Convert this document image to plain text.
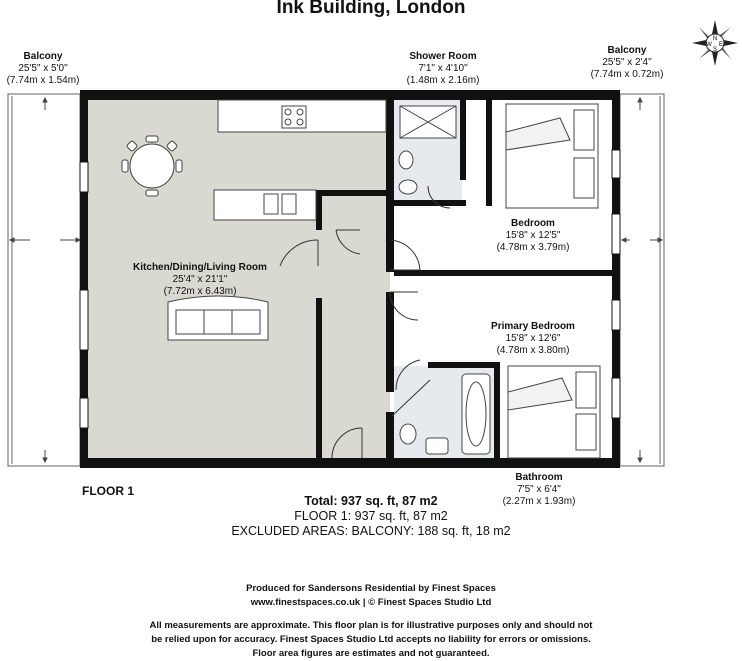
Ink Building, London
N
E
S
W
Balcony
25'5" x 5'0"
(7.74m x 1.54m)
Shower Room
7'1" x 4'10"
(1.48m x 2.16m)
Balcony
25'5" x 2'4"
(7.74m x 0.72m)
Kitchen/Dining/Living Room
25'4" x 21'1"
(7.72m x 6.43m)
Bedroom
15'8" x 12'5"
(4.78m x 3.79m)
Primary Bedroom
15'8" x 12'6"
(4.78m x 3.80m)
Bathroom
7'5" x 6'4"
(2.27m x 1.93m)
FLOOR 1
Total: 937 sq. ft, 87 m2
FLOOR 1: 937 sq. ft, 87 m2
EXCLUDED AREAS: BALCONY: 188 sq. ft, 18 m2
Produced for Sandersons Residential by Finest Spaces
www.finestspaces.co.uk | © Finest Spaces Studio Ltd
All measurements are approximate. This floor plan is for illustrative purposes only and should not
be relied upon for accuracy. Finest Spaces Studio Ltd accepts no liability for errors or omissions.
Floor area figures are estimates and not guaranteed.
